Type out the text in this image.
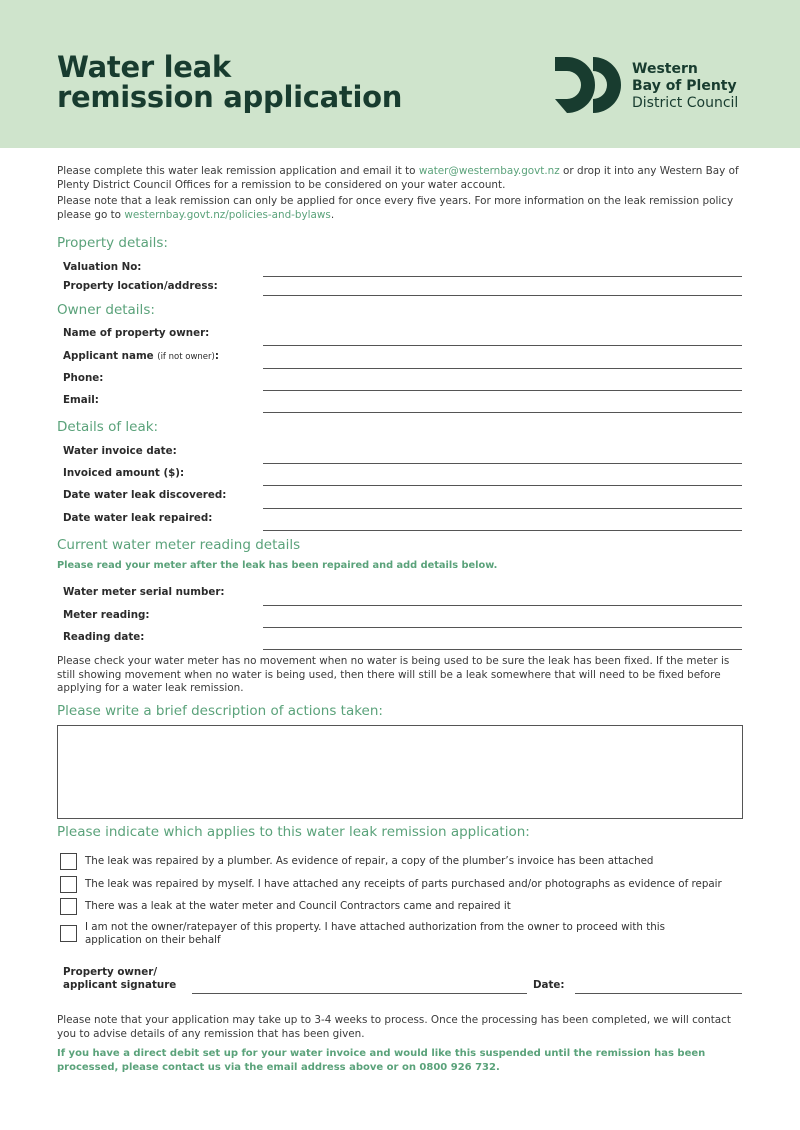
Water leak
remission application
Western
Bay of Plenty
District Council
Please complete this water leak remission application and email it to water@westernbay.govt.nz or drop it into any Western Bay of Plenty District Council Offices for a remission to be considered on your water account.
Please note that a leak remission can only be applied for once every five years. For more information on the leak remission policy please go to westernbay.govt.nz/policies-and-bylaws.
Property details:
Valuation No:
Property location/address:
Owner details:
Name of property owner:
Applicant name (if not owner):
Phone:
Email:
Details of leak:
Water invoice date:
Invoiced amount ($):
Date water leak discovered:
Date water leak repaired:
Current water meter reading details
Please read your meter after the leak has been repaired and add details below.
Water meter serial number:
Meter reading:
Reading date:
Please check your water meter has no movement when no water is being used to be sure the leak has been fixed. If the meter is still showing movement when no water is being used, then there will still be a leak somewhere that will need to be fixed before applying for a water leak remission.
Please write a brief description of actions taken:
Please indicate which applies to this water leak remission application:
The leak was repaired by a plumber. As evidence of repair, a copy of the plumber’s invoice has been attached
The leak was repaired by myself. I have attached any receipts of parts purchased and/or photographs as evidence of repair
There was a leak at the water meter and Council Contractors came and repaired it
I am not the owner/ratepayer of this property. I have attached authorization from the owner to proceed with this application on their behalf
Property owner/
applicant signature	Date:
Please note that your application may take up to 3-4 weeks to process. Once the processing has been completed, we will contact you to advise details of any remission that has been given.
If you have a direct debit set up for your water invoice and would like this suspended until the remission has been processed, please contact us via the email address above or on 0800 926 732.
